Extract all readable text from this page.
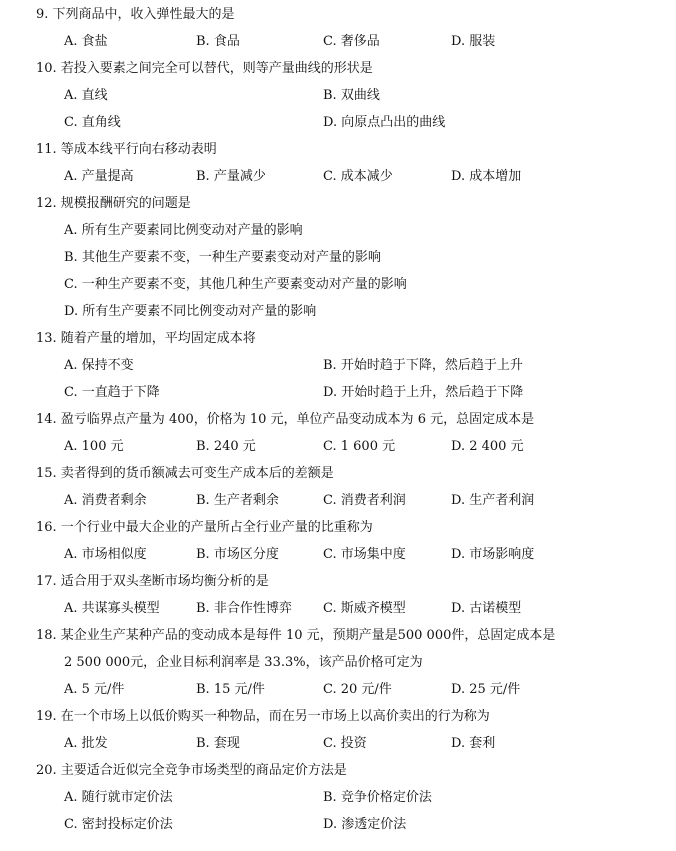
9. 下列商品中，收入弹性最大的是
A. 食盐	B. 食品	C. 奢侈品	D. 服装
10. 若投入要素之间完全可以替代，则等产量曲线的形状是
A. 直线	B. 双曲线
C. 直角线	D. 向原点凸出的曲线
11. 等成本线平行向右移动表明
A. 产量提高	B. 产量减少	C. 成本减少	D. 成本增加
12. 规模报酬研究的问题是
A. 所有生产要素同比例变动对产量的影响
B. 其他生产要素不变，一种生产要素变动对产量的影响
C. 一种生产要素不变，其他几种生产要素变动对产量的影响
D. 所有生产要素不同比例变动对产量的影响
13. 随着产量的增加，平均固定成本将
A. 保持不变	B. 开始时趋于下降，然后趋于上升
C. 一直趋于下降	D. 开始时趋于上升，然后趋于下降
14. 盈亏临界点产量为 400，价格为 10 元，单位产品变动成本为 6 元，总固定成本是
A. 100 元	B. 240 元	C. 1 600 元	D. 2 400 元
15. 卖者得到的货币额减去可变生产成本后的差额是
A. 消费者剩余	B. 生产者剩余	C. 消费者利润	D. 生产者利润
16. 一个行业中最大企业的产量所占全行业产量的比重称为
A. 市场相似度	B. 市场区分度	C. 市场集中度	D. 市场影响度
17. 适合用于双头垄断市场均衡分析的是
A. 共谋寡头模型	B. 非合作性博弈 C. 斯威齐模型	D. 古诺模型
18. 某企业生产某种产品的变动成本是每件 10 元，预期产量是500 000件，总固定成本是
2 500 000元，企业目标利润率是 33.3%，该产品价格可定为
A. 5 元/件	B. 15 元/件	C. 20 元/件	D. 25 元/件
19. 在一个市场上以低价购买一种物品，而在另一市场上以高价卖出的行为称为
A. 批发	B. 套现	C. 投资	D. 套利
20. 主要适合近似完全竞争市场类型的商品定价方法是
A. 随行就市定价法	B. 竞争价格定价法
C. 密封投标定价法	D. 渗透定价法
